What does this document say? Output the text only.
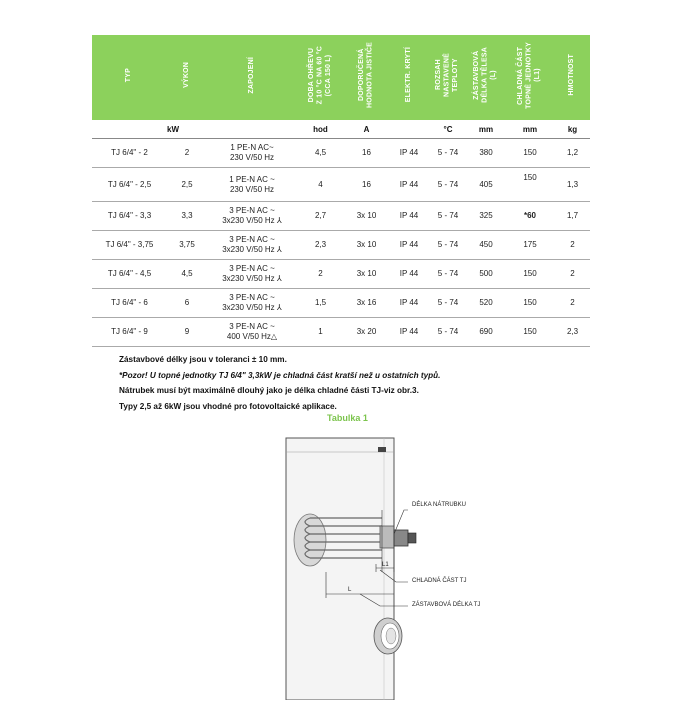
TYP	VÝKON	ZAPOJENÍ	DOBA OHŘEVU
Z 10 °C NA 60 °C
(CCA 150 L)	DOPORUČENÁ
HODNOTA JISTIČE	ELEKTR. KRYTÍ	ROZSAH
NASTAVENÉ
TEPLOTY	ZÁSTAVBOVÁ
DÉLKA TĚLESA
(L)	CHLADNÁ ČÁST
TOPNÉ JEDNOTKY
(L1)	HMOTNOST
	kW		hod	A		°C	mm	mm	kg
TJ 6/4" - 2	2	1 PE-N AC~
230 V/50 Hz	4,5	16	IP 44	5 - 74	380	150	1,2
TJ 6/4" - 2,5	2,5	1 PE-N AC ~
230 V/50 Hz	4	16	IP 44	5 - 74	405	150	1,3
TJ 6/4" - 3,3	3,3	3 PE-N AC ~
3x230 V/50 Hz ⅄	2,7	3x 10	IP 44	5 - 74	325	*60	1,7
TJ 6/4" - 3,75	3,75	3 PE-N AC ~
3x230 V/50 Hz ⅄	2,3	3x 10	IP 44	5 - 74	450	175	2
TJ 6/4" - 4,5	4,5	3 PE-N AC ~
3x230 V/50 Hz ⅄	2	3x 10	IP 44	5 - 74	500	150	2
TJ 6/4" - 6	6	3 PE-N AC ~
3x230 V/50 Hz ⅄	1,5	3x 16	IP 44	5 - 74	520	150	2
TJ 6/4" - 9	9	3 PE-N AC ~
400 V/50 Hz△	1	3x 20	IP 44	5 - 74	690	150	2,3
Zástavbové délky jsou v toleranci ± 10 mm.
*Pozor! U topné jednotky TJ 6/4" 3,3kW je chladná část kratší než u ostatních typů.
Nátrubek musí být maximálně dlouhý jako je délka chladné části TJ-viz obr.3.
Typy 2,5 až 6kW jsou vhodné pro fotovoltaické aplikace.
Tabulka 1
L
L1
DÉLKA NÁTRUBKU
CHLADNÁ ČÁST TJ
ZÁSTAVBOVÁ DÉLKA TJ
